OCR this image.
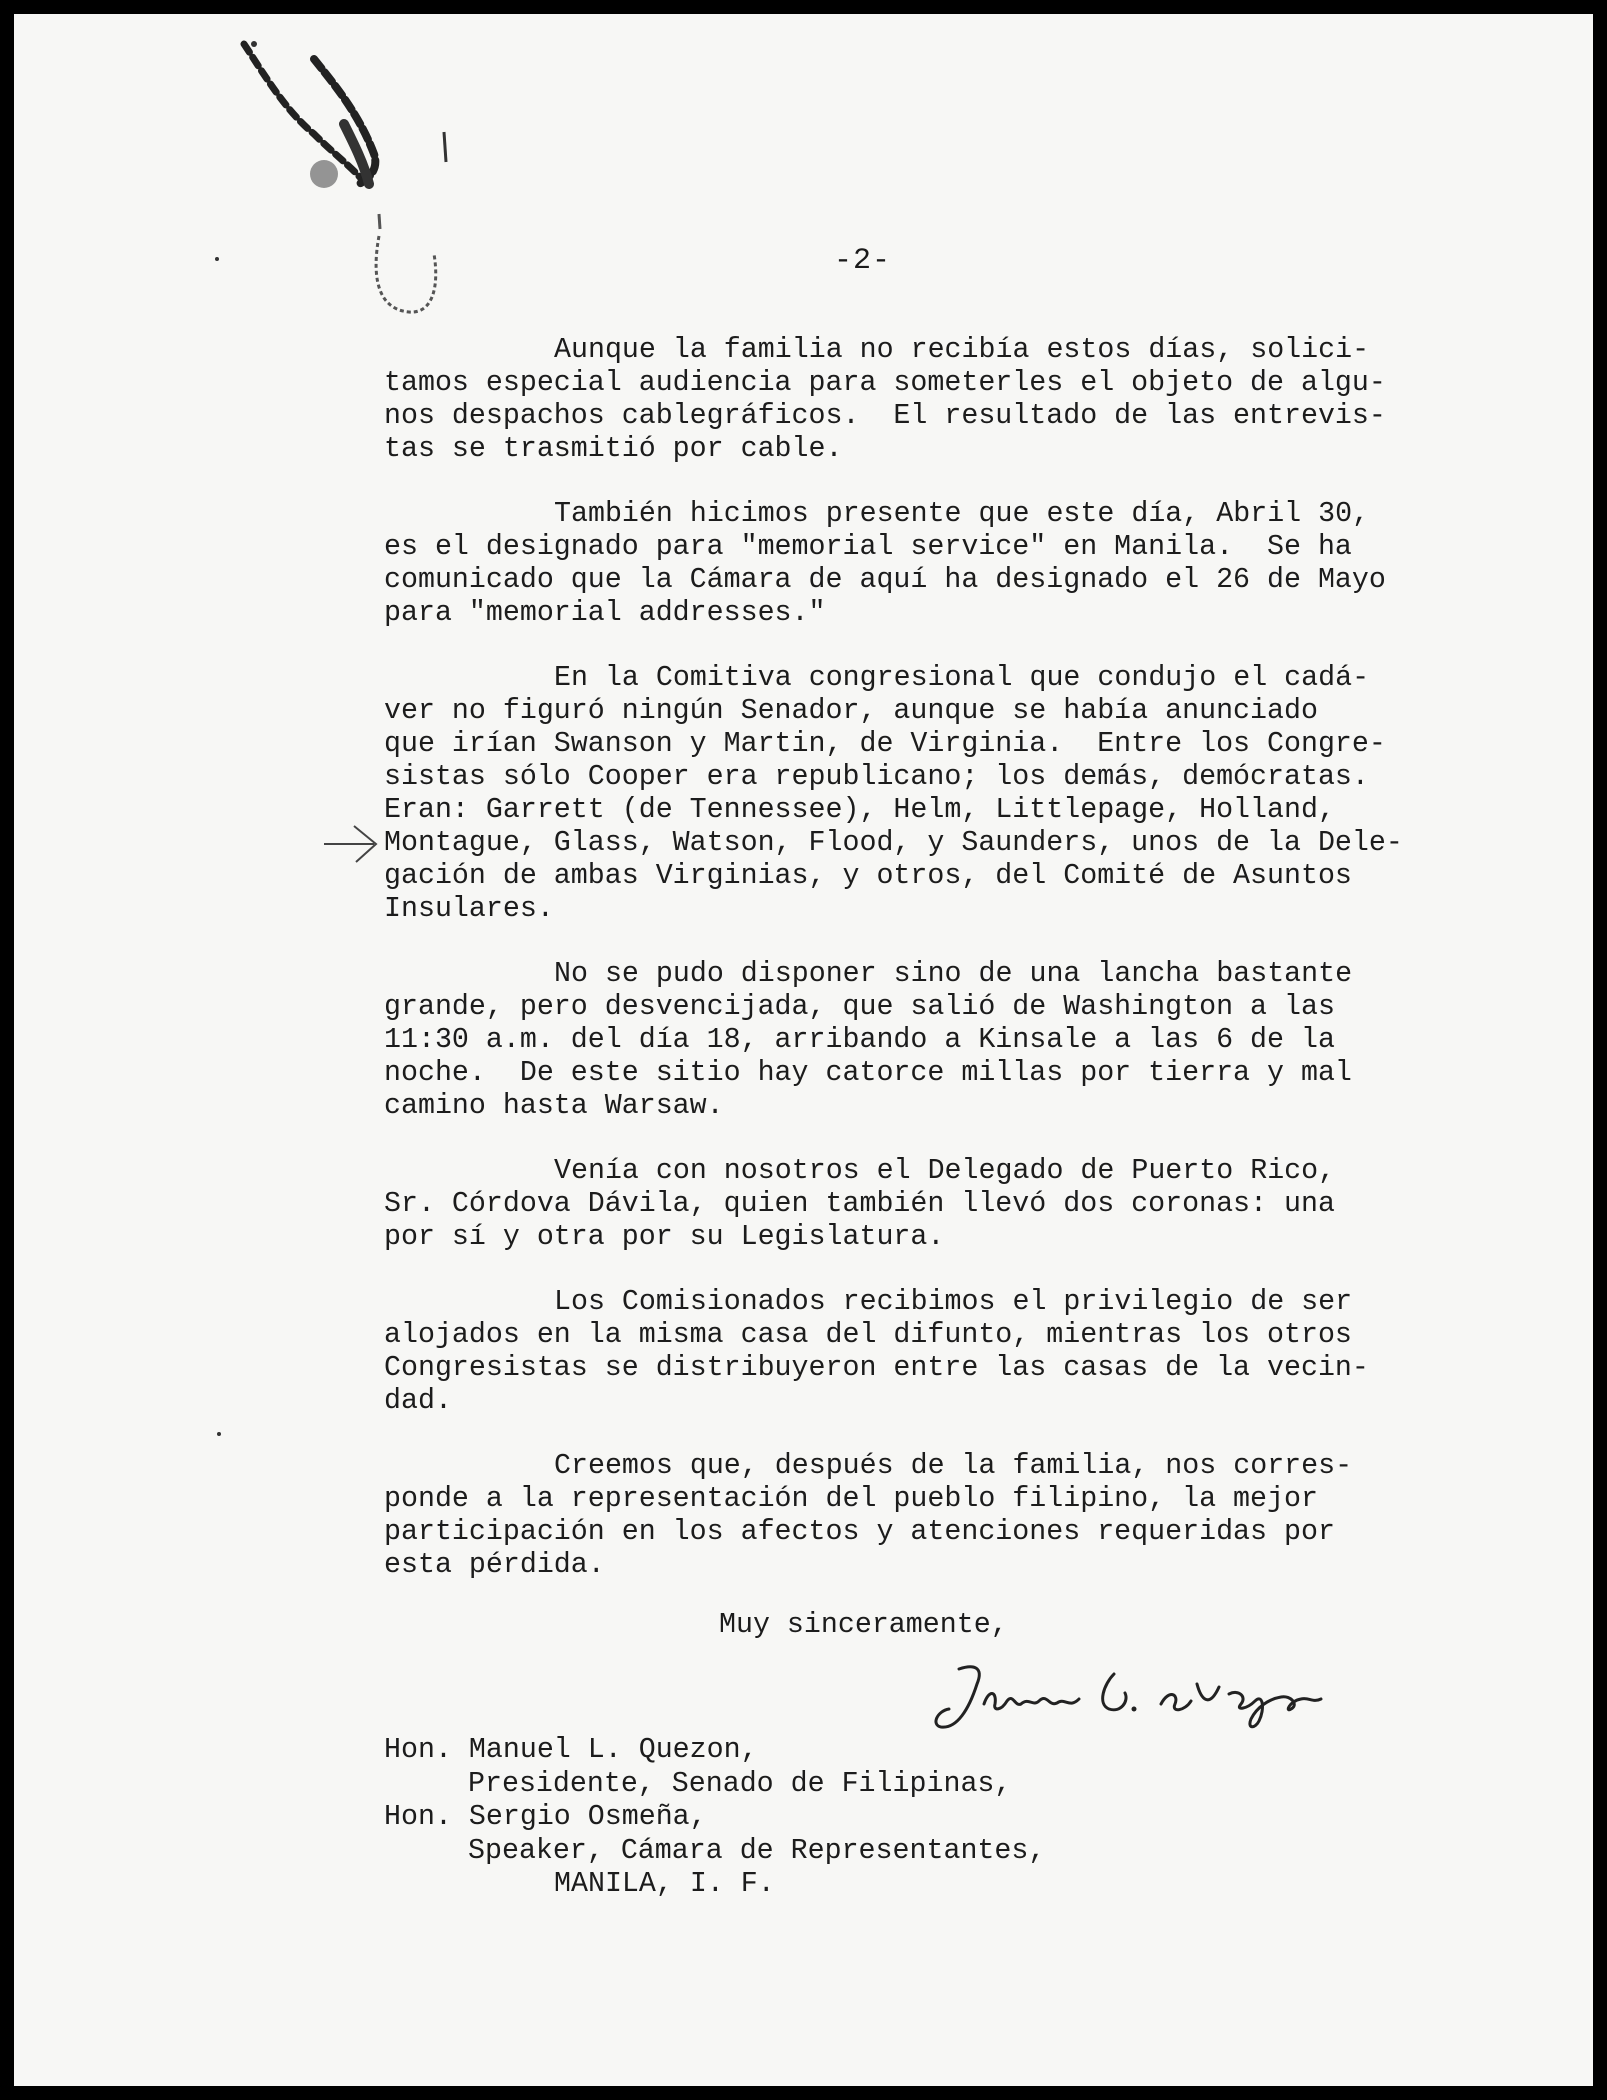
-2-
Aunque la familia no recibía estos días, solici-
tamos especial audiencia para someterles el objeto de algu-
nos despachos cablegráficos.  El resultado de las entrevis-
tas se trasmitió por cable.
También hicimos presente que este día, Abril 30,
es el designado para "memorial service" en Manila.  Se ha
comunicado que la Cámara de aquí ha designado el 26 de Mayo
para "memorial addresses."
En la Comitiva congresional que condujo el cadá-
ver no figuró ningún Senador, aunque se había anunciado
que irían Swanson y Martin, de Virginia.  Entre los Congre-
sistas sólo Cooper era republicano; los demás, demócratas.
Eran: Garrett (de Tennessee), Helm, Littlepage, Holland,
Montague, Glass, Watson, Flood, y Saunders, unos de la Dele-
gación de ambas Virginias, y otros, del Comité de Asuntos
Insulares.
No se pudo disponer sino de una lancha bastante
grande, pero desvencijada, que salió de Washington a las
11:30 a.m. del día 18, arribando a Kinsale a las 6 de la
noche.  De este sitio hay catorce millas por tierra y mal
camino hasta Warsaw.
Venía con nosotros el Delegado de Puerto Rico,
Sr. Córdova Dávila, quien también llevó dos coronas: una
por sí y otra por su Legislatura.
Los Comisionados recibimos el privilegio de ser
alojados en la misma casa del difunto, mientras los otros
Congresistas se distribuyeron entre las casas de la vecin-
dad.
Creemos que, después de la familia, nos corres-
ponde a la representación del pueblo filipino, la mejor
participación en los afectos y atenciones requeridas por
esta pérdida.
Muy sinceramente,
Hon. Manuel L. Quezon,
Presidente, Senado de Filipinas,
Hon. Sergio Osmeña,
Speaker, Cámara de Representantes,
MANILA, I. F.
